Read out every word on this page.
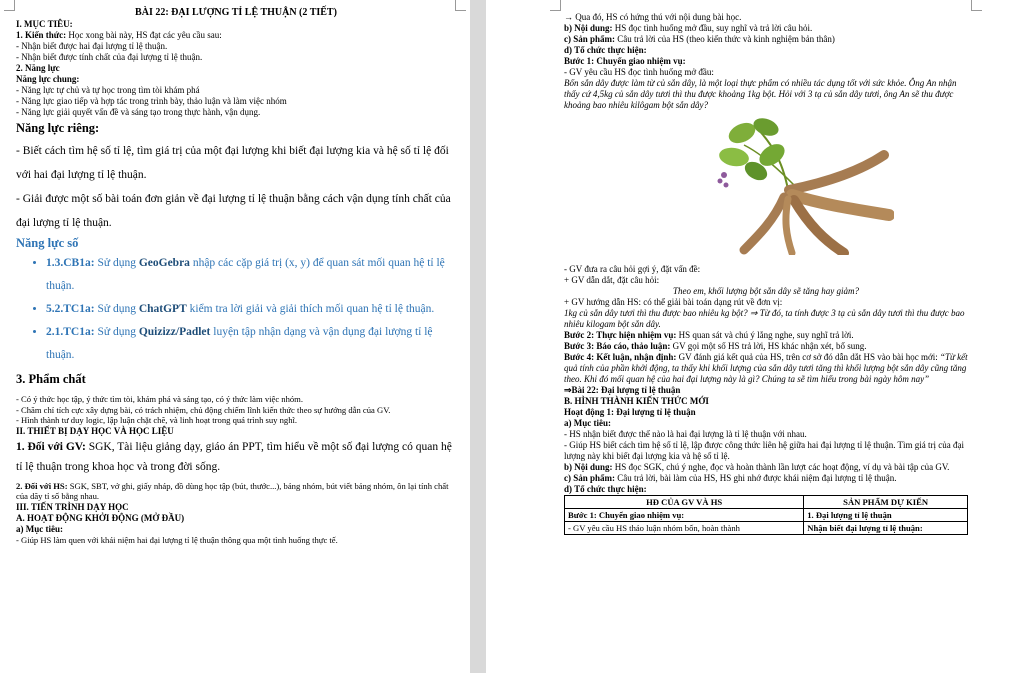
BÀI 22: ĐẠI LƯỢNG TỈ LỆ THUẬN (2 TIẾT)
I. MỤC TIÊU:
1. Kiến thức: Học xong bài này, HS đạt các yêu cầu sau:
- Nhận biết được hai đại lượng tỉ lệ thuận.
- Nhận biết được tính chất của đại lượng tỉ lệ thuận.
2. Năng lực
Năng lực chung:
- Năng lực tự chủ và tự học trong tìm tòi khám phá
- Năng lực giao tiếp và hợp tác trong trình bày, thảo luận và làm việc nhóm
- Năng lực giải quyết vấn đề và sáng tạo trong thực hành, vận dụng.
Năng lực riêng:
- Biết cách tìm hệ số tỉ lệ, tìm giá trị của một đại lượng khi biết đại lượng kia và hệ số tỉ lệ đối với hai đại lượng tỉ lệ thuận.
- Giải được một số bài toán đơn giản về đại lượng tỉ lệ thuận bằng cách vận dụng tính chất của đại lượng tỉ lệ thuận.
Năng lực số
• 1.3.CB1a: Sử dụng GeoGebra nhập các cặp giá trị (x, y) để quan sát mối quan hệ tỉ lệ thuận.
• 5.2.TC1a: Sử dụng ChatGPT kiểm tra lời giải và giải thích mối quan hệ tỉ lệ thuận.
• 2.1.TC1a: Sử dụng Quizizz/Padlet luyện tập nhận dạng và vận dụng đại lượng tỉ lệ thuận.
3. Phẩm chất
- Có ý thức học tập, ý thức tìm tòi, khám phá và sáng tạo, có ý thức làm việc nhóm.
- Chăm chỉ tích cực xây dựng bài, có trách nhiệm, chủ động chiếm lĩnh kiến thức theo sự hướng dẫn của GV.
- Hình thành tư duy logic, lập luận chặt chẽ, và linh hoạt trong quá trình suy nghĩ.
II. THIẾT BỊ DẠY HỌC VÀ HỌC LIỆU
1. Đối với GV: SGK, Tài liệu giảng dạy, giáo án PPT, tìm hiểu về một số đại lượng có quan hệ tỉ lệ thuận trong khoa học và trong đời sống.
2. Đối với HS: SGK, SBT, vở ghi, giấy nháp, đồ dùng học tập (bút, thước...), bảng nhóm, bút viết bảng nhóm, ôn lại tính chất của dãy tỉ số bằng nhau.
III. TIẾN TRÌNH DẠY HỌC
A. HOẠT ĐỘNG KHỞI ĐỘNG (MỞ ĐẦU)
a) Mục tiêu:
- Giúp HS làm quen với khái niệm hai đại lượng tỉ lệ thuận thông qua một tình huống thực tế.
→ Qua đó, HS có hứng thú với nội dung bài học.
b) Nội dung: HS đọc tình huống mở đầu, suy nghĩ và trả lời câu hỏi.
c) Sản phẩm: Câu trả lời của HS (theo kiến thức và kinh nghiệm bản thân)
d) Tổ chức thực hiện:
Bước 1: Chuyển giao nhiệm vụ:
- GV yêu cầu HS đọc tình huống mở đầu:
Bốn sắn dây được làm từ củ sắn dây, là một loại thực phẩm có nhiều tác dụng tốt với sức khỏe. Ông An nhận thấy cứ 4,5kg củ sắn dây tươi thì thu được khoảng 1kg bột. Hỏi với 3 tạ củ sắn dây tươi, ông An sẽ thu được khoảng bao nhiêu kilôgam bột sắn dây?
- GV đưa ra câu hỏi gợi ý, đặt vấn đề:
+ GV dẫn dắt, đặt câu hỏi:
Theo em, khối lượng bột sắn dây sẽ tăng hay giảm?
+ GV hướng dẫn HS: có thể giải bài toán dạng rút về đơn vị:
1kg củ sắn dây tươi thì thu được bao nhiêu kg bột? ⇒ Từ đó, ta tính được 3 tạ củ sắn dây tươi thì thu được bao nhiêu kilogam bột sắn dây.
Bước 2: Thực hiện nhiệm vụ: HS quan sát và chú ý lắng nghe, suy nghĩ trả lời.
Bước 3: Báo cáo, thảo luận: GV gọi một số HS trả lời, HS khác nhận xét, bổ sung.
Bước 4: Kết luận, nhận định: GV đánh giá kết quả của HS, trên cơ sở đó dẫn dắt HS vào bài học mới: “Từ kết quả tính của phần khởi động, ta thấy khi khối lượng của sắn dây tươi tăng thì khối lượng bột sắn dây cũng tăng theo. Khi đó mối quan hệ của hai đại lượng này là gì? Chúng ta sẽ tìm hiểu trong bài ngày hôm nay”
⇒Bài 22: Đại lượng tỉ lệ thuận
B. HÌNH THÀNH KIẾN THỨC MỚI
Hoạt động 1: Đại lượng tỉ lệ thuận
a) Mục tiêu:
- HS nhận biết được thế nào là hai đại lượng là tỉ lệ thuận với nhau.
- Giúp HS biết cách tìm hệ số tỉ lệ, lập được công thức liên hệ giữa hai đại lượng tỉ lệ thuận. Tìm giá trị của đại lượng này khi biết đại lượng kia và hệ số tỉ lệ.
b) Nội dung: HS đọc SGK, chú ý nghe, đọc và hoàn thành lần lượt các hoạt động, ví dụ và bài tập của GV.
c) Sản phẩm: Câu trả lời, bài làm của HS, HS ghi nhớ được khái niệm đại lượng tỉ lệ thuận.
d) Tổ chức thực hiện:
HĐ CỦA GV VÀ HS	SẢN PHẨM DỰ KIẾN
Bước 1: Chuyển giao nhiệm vụ:	1. Đại lượng tỉ lệ thuận
- GV yêu cầu HS thảo luận nhóm bốn, hoàn thành	Nhận biết đại lượng tỉ lệ thuận:
